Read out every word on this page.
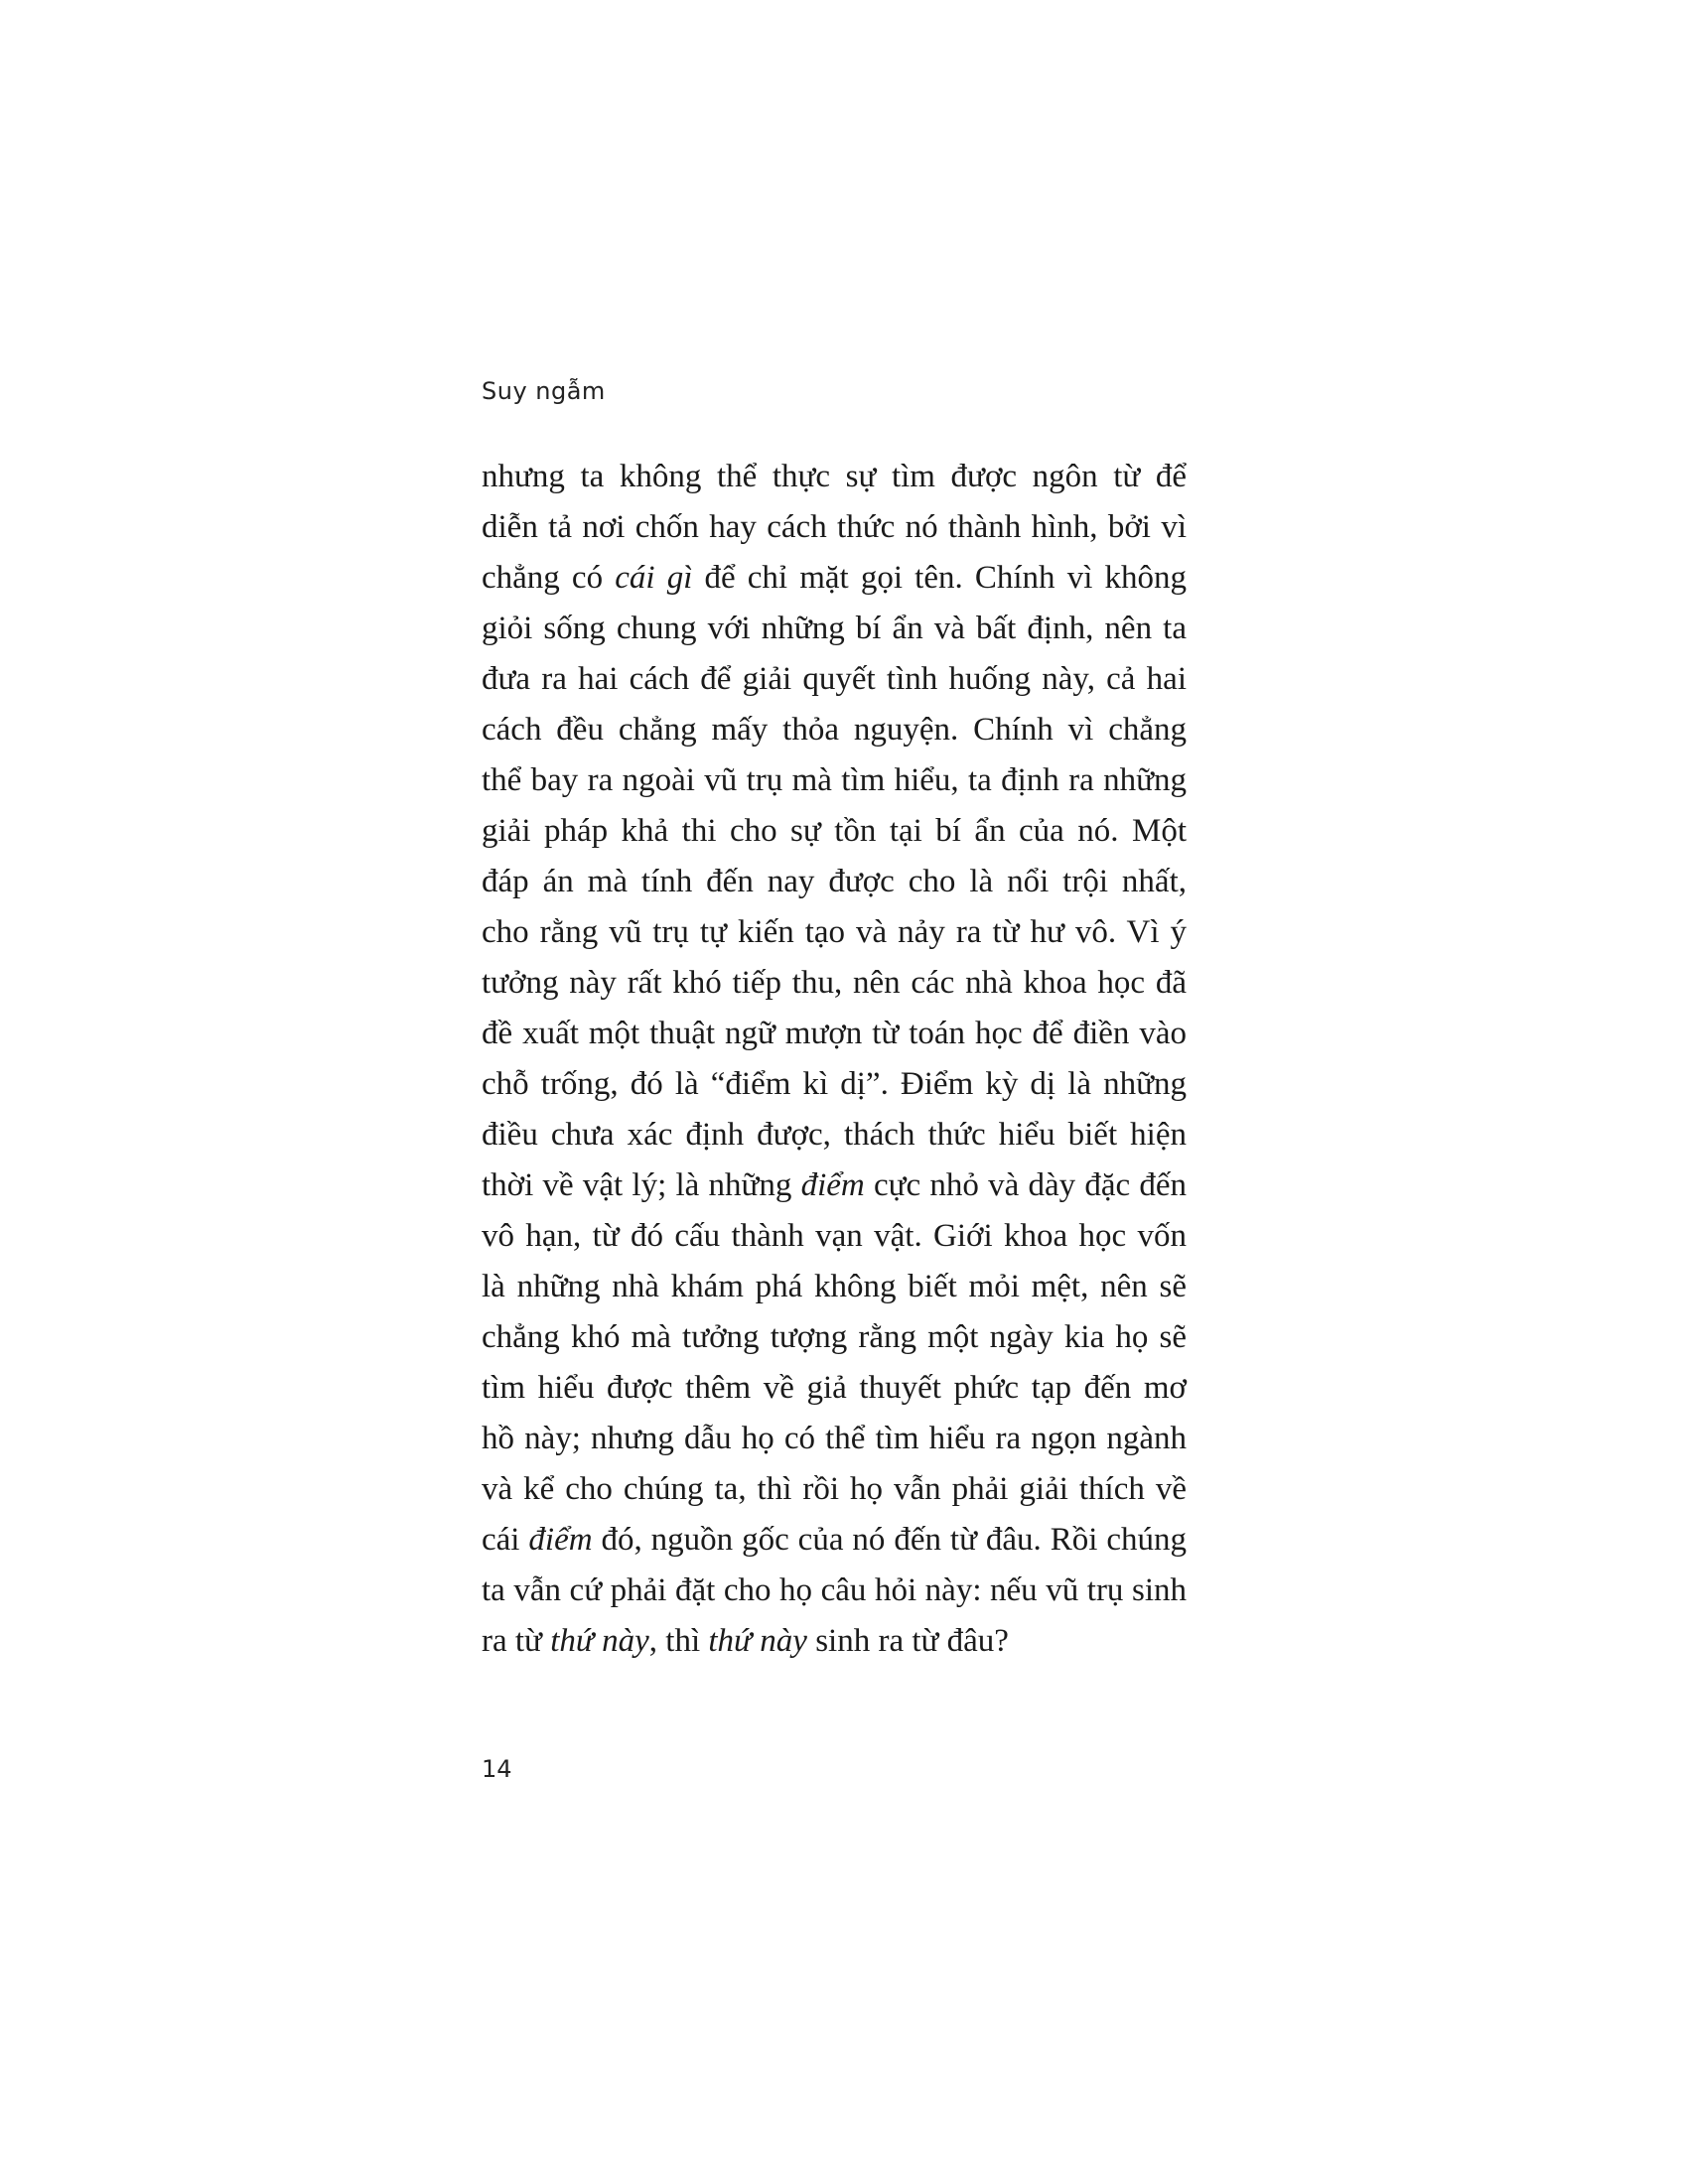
Suy ngẫm
nhưng ta không thể thực sự tìm được ngôn từ để
diễn tả nơi chốn hay cách thức nó thành hình, bởi vì
chẳng có cái gì để chỉ mặt gọi tên. Chính vì không
giỏi sống chung với những bí ẩn và bất định, nên ta
đưa ra hai cách để giải quyết tình huống này, cả hai
cách đều chẳng mấy thỏa nguyện. Chính vì chẳng
thể bay ra ngoài vũ trụ mà tìm hiểu, ta định ra những
giải pháp khả thi cho sự tồn tại bí ẩn của nó. Một
đáp án mà tính đến nay được cho là nổi trội nhất,
cho rằng vũ trụ tự kiến tạo và nảy ra từ hư vô. Vì ý
tưởng này rất khó tiếp thu, nên các nhà khoa học đã
đề xuất một thuật ngữ mượn từ toán học để điền vào
chỗ trống, đó là “điểm kì dị”. Điểm kỳ dị là những
điều chưa xác định được, thách thức hiểu biết hiện
thời về vật lý; là những điểm cực nhỏ và dày đặc đến
vô hạn, từ đó cấu thành vạn vật. Giới khoa học vốn
là những nhà khám phá không biết mỏi mệt, nên sẽ
chẳng khó mà tưởng tượng rằng một ngày kia họ sẽ
tìm hiểu được thêm về giả thuyết phức tạp đến mơ
hồ này; nhưng dẫu họ có thể tìm hiểu ra ngọn ngành
và kể cho chúng ta, thì rồi họ vẫn phải giải thích về
cái điểm đó, nguồn gốc của nó đến từ đâu. Rồi chúng
ta vẫn cứ phải đặt cho họ câu hỏi này: nếu vũ trụ sinh
ra từ thứ này, thì thứ này sinh ra từ đâu?
14
